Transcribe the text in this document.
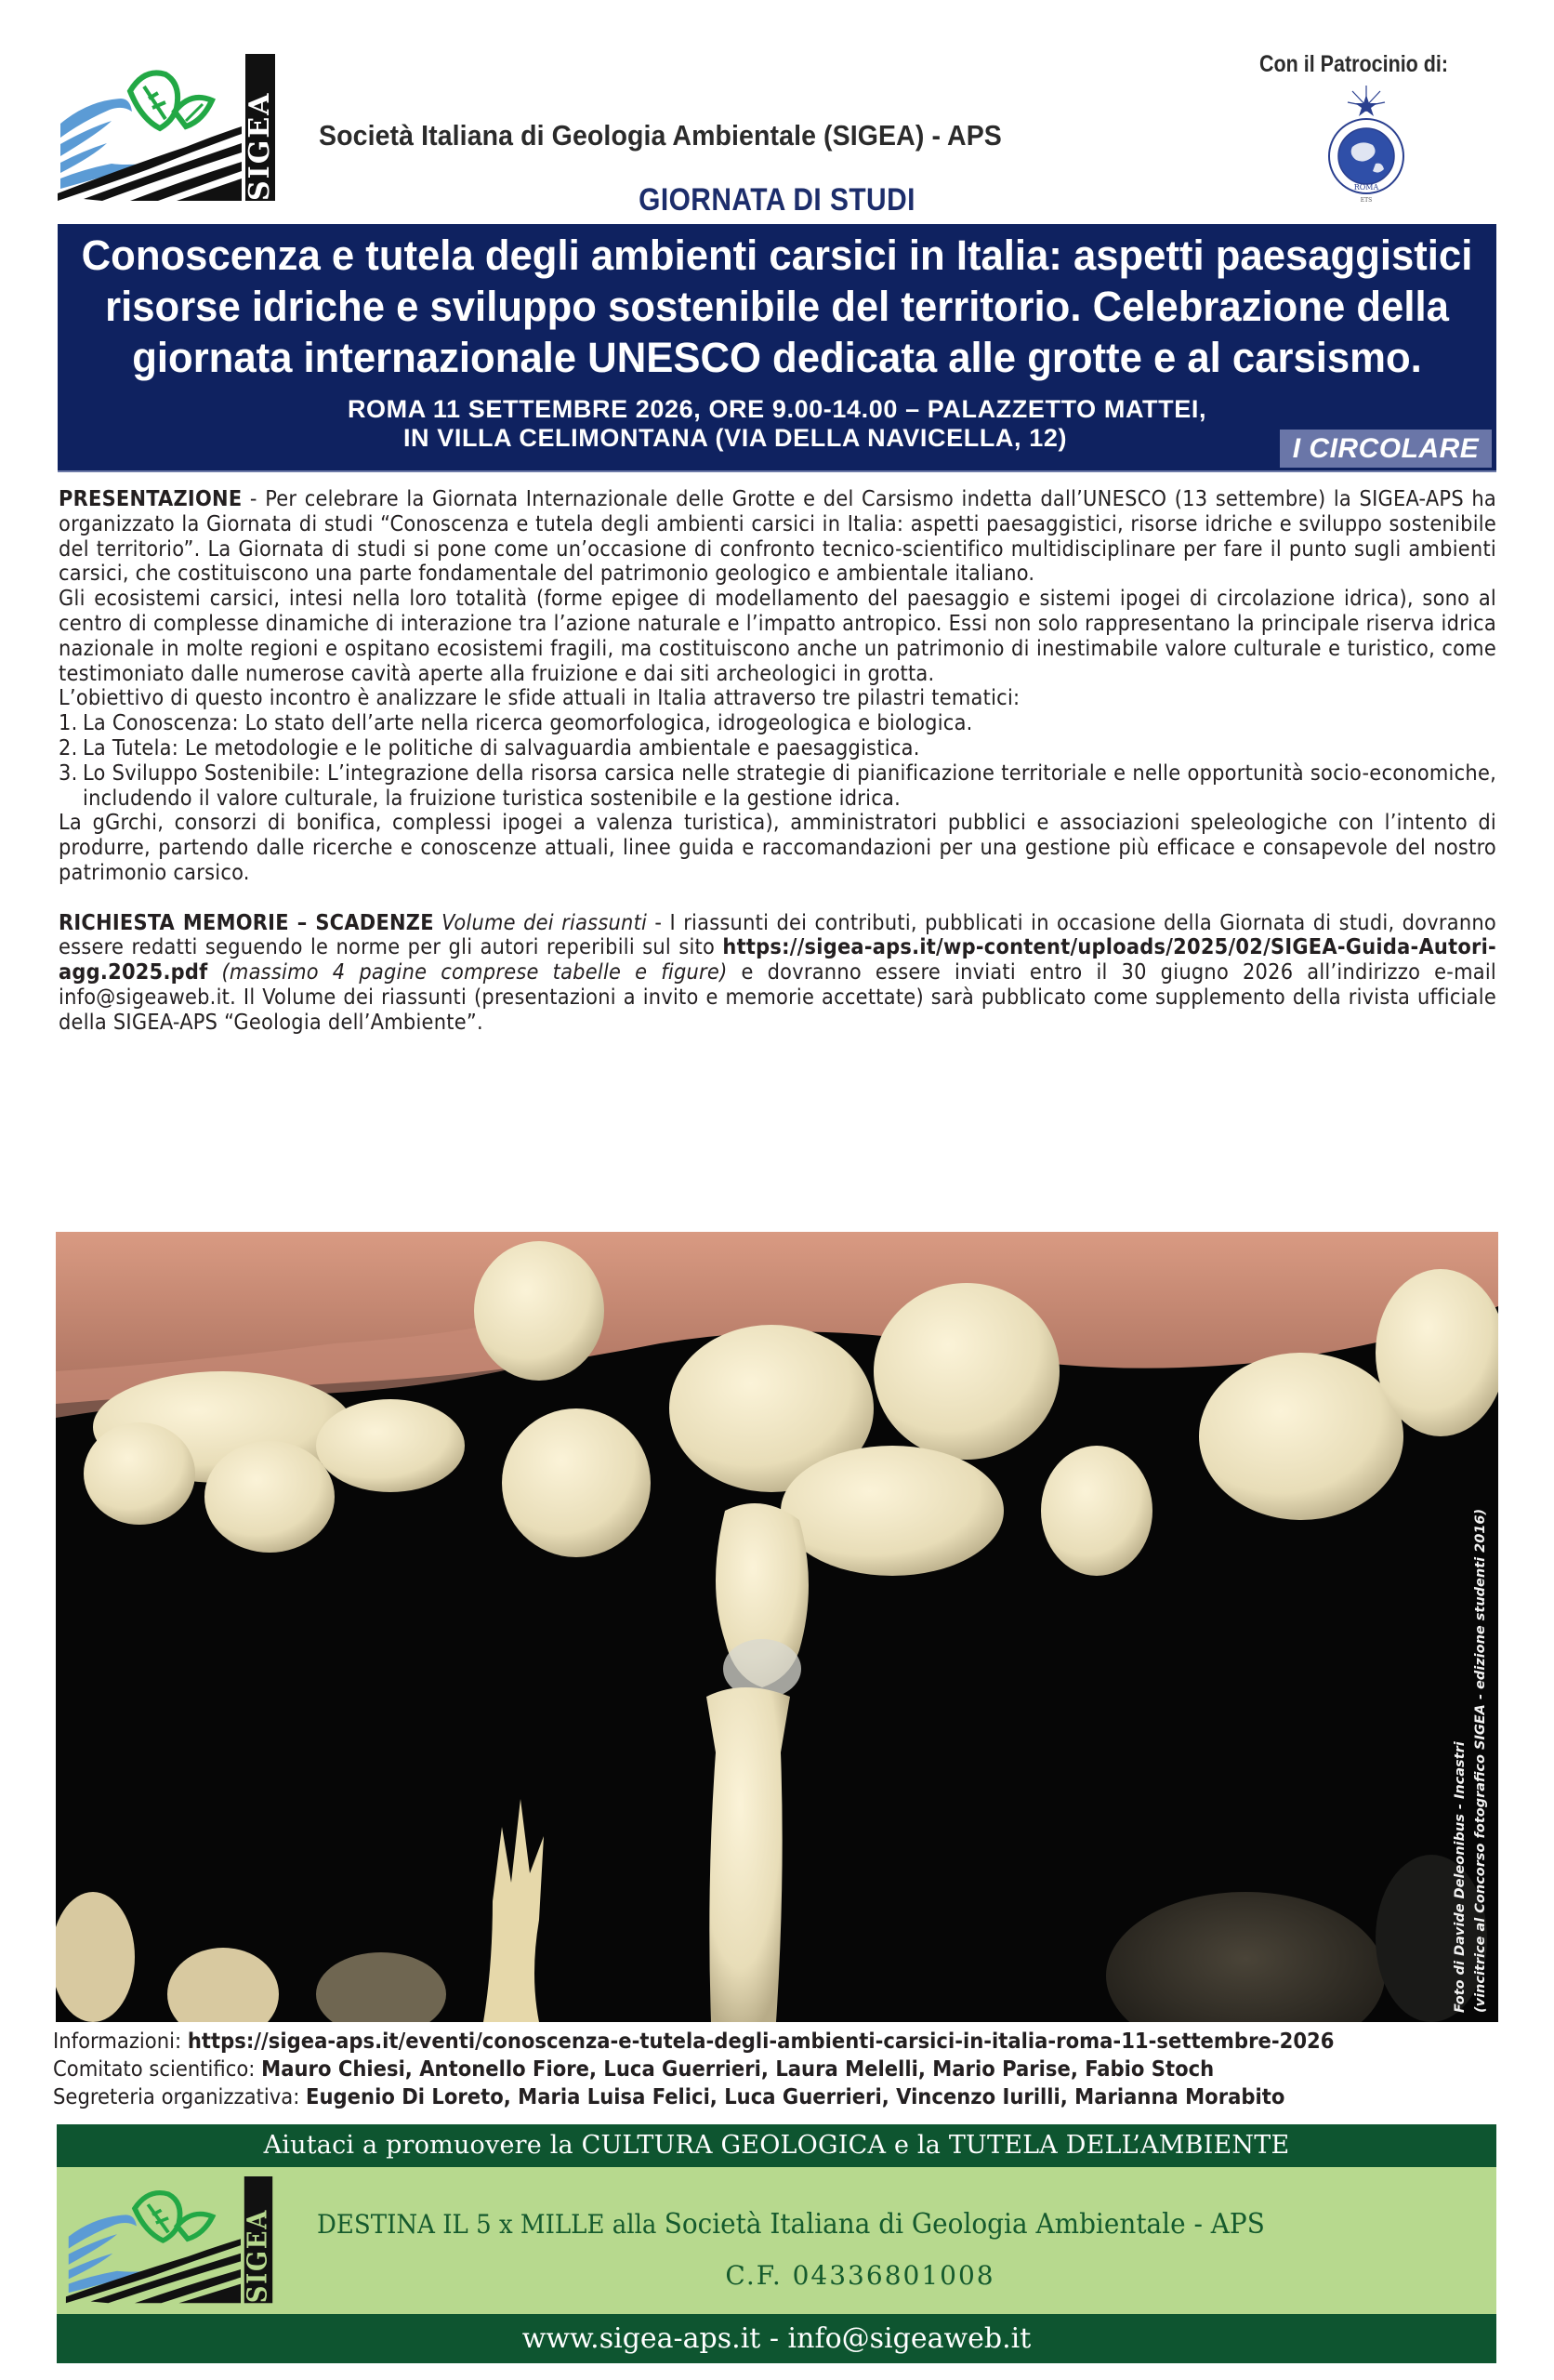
SIGEA Società Italiana di Geologia Ambientale (SIGEA) - APS
Con il Patrocinio di:
ROMA
ETS
GIORNATA DI STUDI
Conoscenza e tutela degli ambienti carsici in Italia: aspetti paesaggistici
risorse idriche e sviluppo sostenibile del territorio. Celebrazione della
giornata internazionale UNESCO dedicata alle grotte e al carsismo.
ROMA 11 SETTEMBRE 2026, ORE 9.00-14.00 – PALAZZETTO MATTEI,
IN VILLA CELIMONTANA (VIA DELLA NAVICELLA, 12)	I CIRCOLARE

PRESENTAZIONE - Per celebrare la Giornata Internazionale delle Grotte e del Carsismo indetta dall’UNESCO (13 settembre) la SIGEA-APS ha organizzato la Giornata di studi “Conoscenza e tutela degli ambienti carsici in Italia: aspetti paesaggistici, risorse idriche e sviluppo sostenibile del territorio”. La Giornata di studi si pone come un’occasione di confronto tecnico-scientifico multidisciplinare per fare il punto sugli ambienti carsici, che costituiscono una parte fondamentale del patrimonio geologico e ambientale italiano.

Gli ecosistemi carsici, intesi nella loro totalità (forme epigee di modellamento del paesaggio e sistemi ipogei di circolazione idrica), sono al centro di complesse dinamiche di interazione tra l’azione naturale e l’impatto antropico. Essi non solo rappresentano la principale riserva idrica nazionale in molte regioni e ospitano ecosistemi fragili, ma costituiscono anche un patrimonio di inestimabile valore culturale e turistico, come testimoniato dalle numerose cavità aperte alla fruizione e dai siti archeologici in grotta.

L’obiettivo di questo incontro è analizzare le sfide attuali in Italia attraverso tre pilastri tematici:

1. La Conoscenza: Lo stato dell’arte nella ricerca geomorfologica, idrogeologica e biologica.
2. La Tutela: Le metodologie e le politiche di salvaguardia ambientale e paesaggistica.
3. Lo Sviluppo Sostenibile: L’integrazione della risorsa carsica nelle strategie di pianificazione territoriale e nelle opportunità socio-economiche, includendo il valore culturale, la fruizione turistica sostenibile e la gestione idrica.

La gGrchi, consorzi di bonifica, complessi ipogei a valenza turistica), amministratori pubblici e associazioni speleologiche con l’intento di produrre, partendo dalle ricerche e conoscenze attuali, linee guida e raccomandazioni per una gestione più efficace e consapevole del nostro patrimonio carsico.

RICHIESTA MEMORIE – SCADENZE Volume dei riassunti - I riassunti dei contributi, pubblicati in occasione della Giornata di studi, dovranno essere redatti seguendo le norme per gli autori reperibili sul sito https://sigea-aps.it/wp-content/uploads/2025/02/SIGEA-Guida-Autori-agg.2025.pdf (massimo 4 pagine comprese tabelle e figure) e dovranno essere inviati entro il 30 giugno 2026 all’indirizzo e-mail info@sigeaweb.it. Il Volume dei riassunti (presentazioni a invito e memorie accettate) sarà pubblicato come supplemento della rivista ufficiale della SIGEA-APS “Geologia dell’Ambiente”.

Foto di Davide Deleonibus - Incastri (vincitrice al Concorso fotografico SIGEA - edizione studenti 2016)
Informazioni: https://sigea-aps.it/eventi/conoscenza-e-tutela-degli-ambienti-carsici-in-italia-roma-11-settembre-2026
Comitato scientifico: Mauro Chiesi, Antonello Fiore, Luca Guerrieri, Laura Melelli, Mario Parise, Fabio Stoch
Segreteria organizzativa: Eugenio Di Loreto, Maria Luisa Felici, Luca Guerrieri, Vincenzo Iurilli, Marianna Morabito
Aiutaci a promuovere la CULTURA GEOLOGICA e la TUTELA DELL’AMBIENTE
SIGEA DESTINA IL 5 x MILLE alla Società Italiana di Geologia Ambientale - APS
C.F. 04336801008
www.sigea-aps.it - info@sigeaweb.it
